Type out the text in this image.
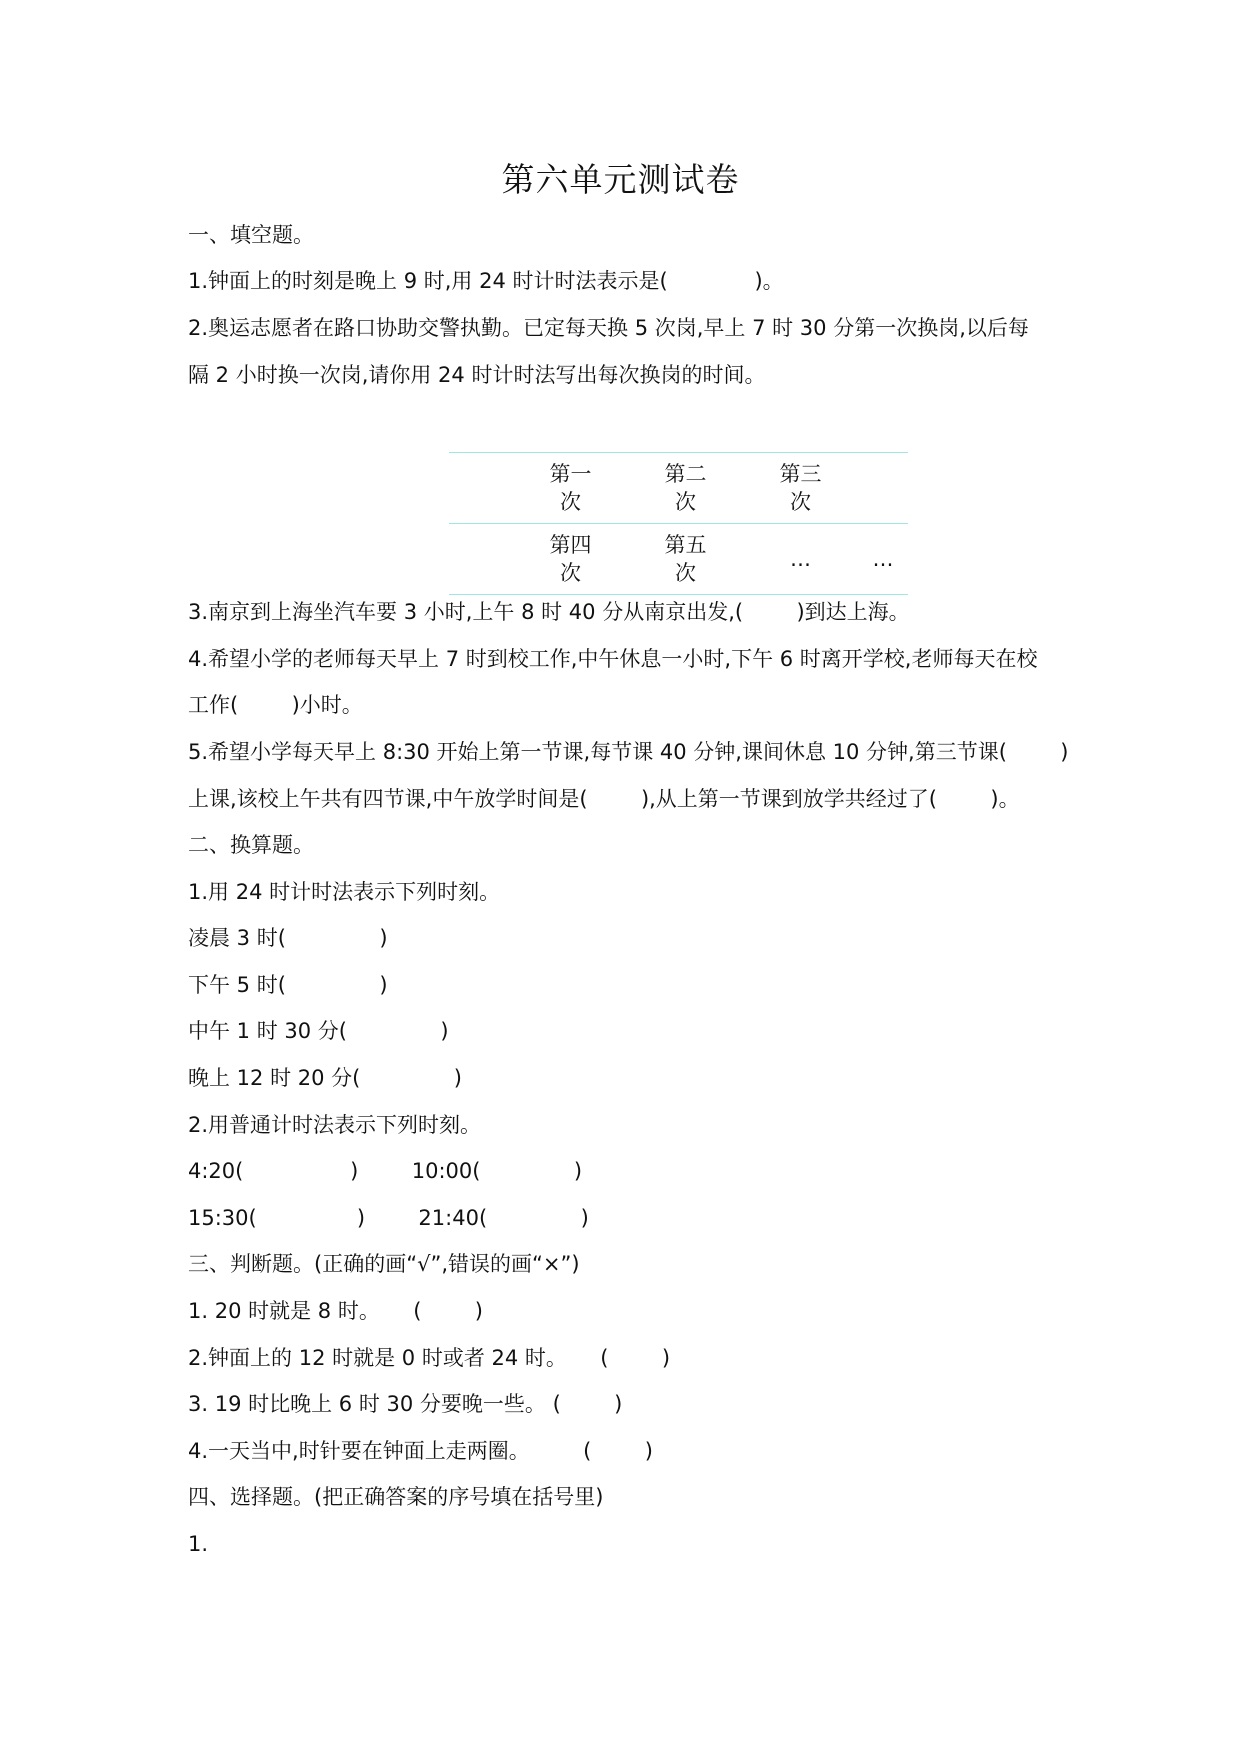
第六单元测试卷
一、填空题。
1.钟面上的时刻是晚上 9 时,用 24 时计时法表示是(             )。
2.奥运志愿者在路口协助交警执勤。已定每天换 5 次岗,早上 7 时 30 分第一次换岗,以后每
隔 2 小时换一次岗,请你用 24 时计时法写出每次换岗的时间。
	第一
次	第二
次	第三
次	
	第四
次	第五
次	…	…
3.南京到上海坐汽车要 3 小时,上午 8 时 40 分从南京出发,(        )到达上海。
4.希望小学的老师每天早上 7 时到校工作,中午休息一小时,下午 6 时离开学校,老师每天在校
工作(        )小时。
5.希望小学每天早上 8:30 开始上第一节课,每节课 40 分钟,课间休息 10 分钟,第三节课(        )
上课,该校上午共有四节课,中午放学时间是(        ),从上第一节课到放学共经过了(        )。
二、换算题。
1.用 24 时计时法表示下列时刻。
凌晨 3 时(              )
下午 5 时(              )
中午 1 时 30 分(              )
晚上 12 时 20 分(              )
2.用普通计时法表示下列时刻。
4:20(                )        10:00(              )
15:30(               )        21:40(              )
三、判断题。(正确的画“√”,错误的画“×”)
1. 20 时就是 8 时。     (        )
2.钟面上的 12 时就是 0 时或者 24 时。     (        )
3. 19 时比晚上 6 时 30 分要晚一些。 (        )
4.一天当中,时针要在钟面上走两圈。        (        )
四、选择题。(把正确答案的序号填在括号里)
1.
